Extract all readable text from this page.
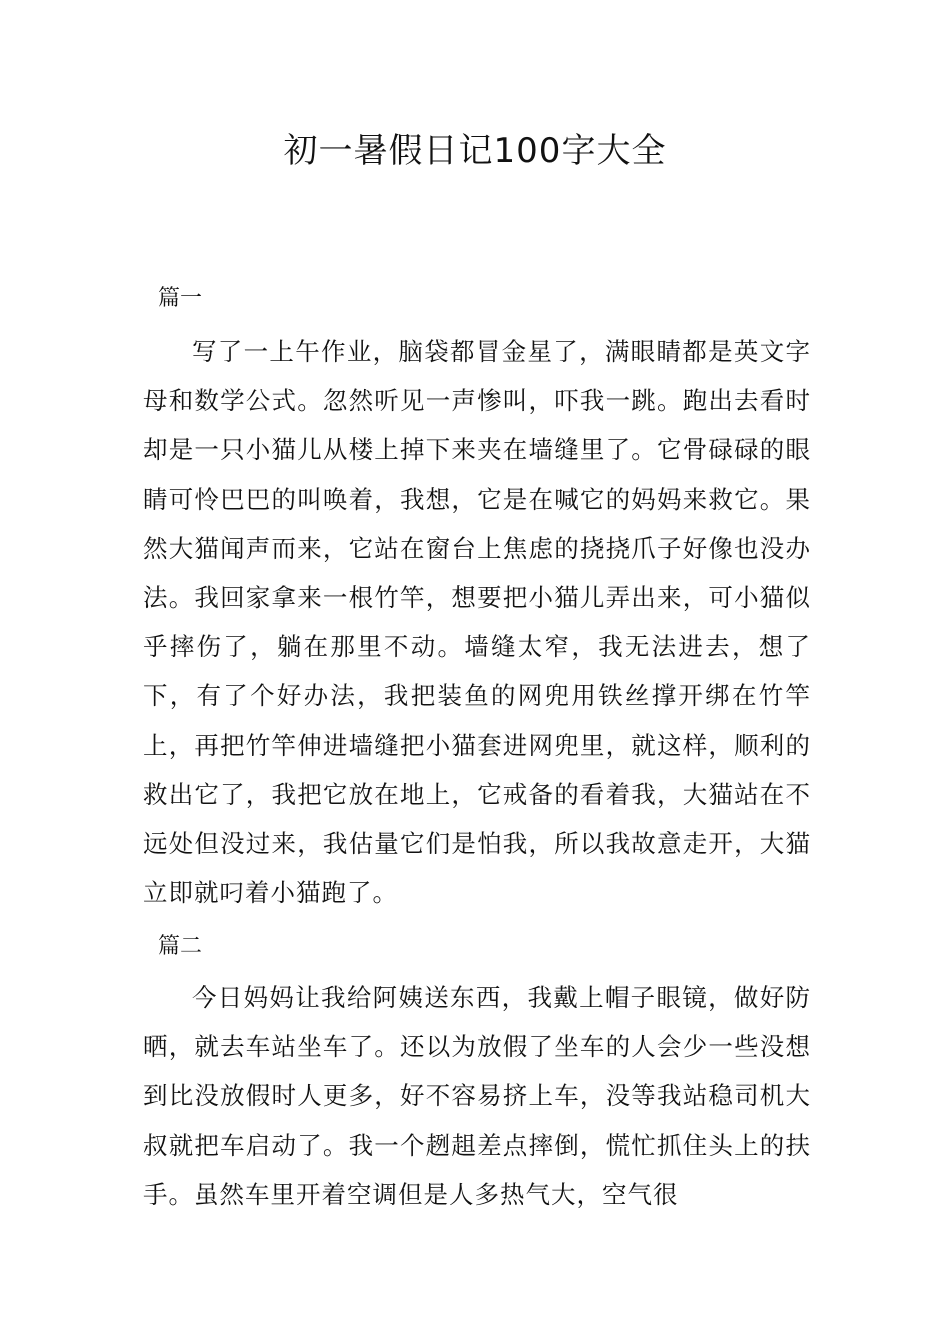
初一暑假日记100字大全
篇一

写了一上午作业，脑袋都冒金星了，满眼睛都是英文字母和数学公式。忽然听见一声惨叫，吓我一跳。跑出去看时却是一只小猫儿从楼上掉下来夹在墙缝里了。它骨碌碌的眼睛可怜巴巴的叫唤着，我想，它是在喊它的妈妈来救它。果然大猫闻声而来，它站在窗台上焦虑的挠挠爪子好像也没办法。我回家拿来一根竹竿，想要把小猫儿弄出来，可小猫似乎摔伤了，躺在那里不动。墙缝太窄，我无法进去，想了下，有了个好办法，我把装鱼的网兜用铁丝撑开绑在竹竿上，再把竹竿伸进墙缝把小猫套进网兜里，就这样，顺利的救出它了，我把它放在地上，它戒备的看着我，大猫站在不远处但没过来，我估量它们是怕我，所以我故意走开，大猫立即就叼着小猫跑了。

篇二

今日妈妈让我给阿姨送东西，我戴上帽子眼镜，做好防晒，就去车站坐车了。还以为放假了坐车的人会少一些没想到比没放假时人更多，好不容易挤上车，没等我站稳司机大叔就把车启动了。我一个趔趄差点摔倒，慌忙抓住头上的扶手。虽然车里开着空调但是人多热气大，空气很
